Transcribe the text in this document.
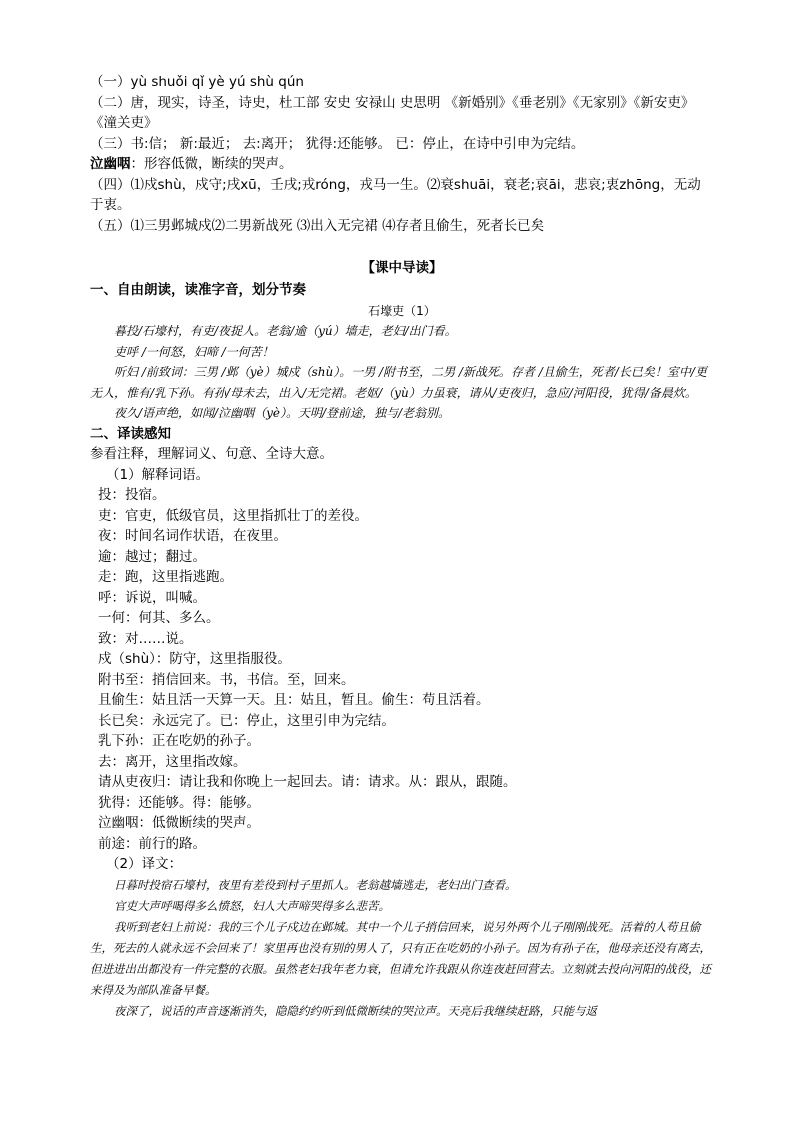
（一）yù shuǒi qǐ yè yú shù qún
（二）唐，现实，诗圣，诗史，杜工部 安史 安禄山 史思明 《新婚别》《垂老别》《无家别》《新安吏》《潼关吏》
（三）书:信； 新:最近； 去:离开； 犹得:还能够。 已：停止，在诗中引申为完结。
泣幽咽：形容低微，断续的哭声。
（四）⑴戍shù，戍守;戌xū，壬戌;戎róng，戎马一生。⑵衰shuāi，衰老;哀āi，悲哀;衷zhōng，无动于衷。
（五）⑴三男邺城戍⑵二男新战死 ⑶出入无完裙 ⑷存者且偷生，死者长已矣
【课中导读】
一、自由朗读，读准字音，划分节奏
石壕吏（1）
暮投/石壕村，有吏/夜捉人。老翁/逾（yú）墙走，老妇/出门看。
吏呼 /一何怒，妇啼 /一何苦！
听妇 /前致词：三男 /邺（yè）城戍（shù）。一男 /附书至，二男 /新战死。存者 /且偷生，死者/长已矣！室中/更无人，惟有/乳下孙。有孙/母未去，出入/无完裙。老妪/（yù）力虽衰，请从/吏夜归，急应/河阳役，犹得/备晨炊。
夜久/语声绝，如闻/泣幽咽（yè）。天明/登前途，独与/老翁别。
二、译读感知
参看注释，理解词义、句意、全诗大意。
（1）解释词语。
投：投宿。
吏：官吏，低级官员，这里指抓壮丁的差役。
夜：时间名词作状语，在夜里。
逾：越过；翻过。
走：跑，这里指逃跑。
呼：诉说，叫喊。
一何：何其、多么。
致：对……说。
戍（shù）：防守，这里指服役。
附书至：捎信回来。书，书信。至，回来。
且偷生：姑且活一天算一天。且：姑且，暂且。偷生：苟且活着。
长已矣：永远完了。已：停止，这里引申为完结。
乳下孙：正在吃奶的孙子。
去：离开，这里指改嫁。
请从吏夜归：请让我和你晚上一起回去。请：请求。从：跟从，跟随。
犹得：还能够。得：能够。
泣幽咽：低微断续的哭声。
前途：前行的路。
（2）译文：
日暮时投宿石壕村，夜里有差役到村子里抓人。老翁越墙逃走，老妇出门查看。
官吏大声呼喝得多么愤怒，妇人大声啼哭得多么悲苦。
我听到老妇上前说：我的三个儿子戍边在邺城。其中一个儿子捎信回来，说另外两个儿子刚刚战死。活着的人苟且偷生，死去的人就永远不会回来了！家里再也没有别的男人了，只有正在吃奶的小孙子。因为有孙子在，他母亲还没有离去，但进进出出都没有一件完整的衣服。虽然老妇我年老力衰，但请允许我跟从你连夜赶回营去。立刻就去投向河阳的战役，还来得及为部队准备早餐。
夜深了，说话的声音逐渐消失，隐隐约约听到低微断续的哭泣声。天亮后我继续赶路，只能与返
